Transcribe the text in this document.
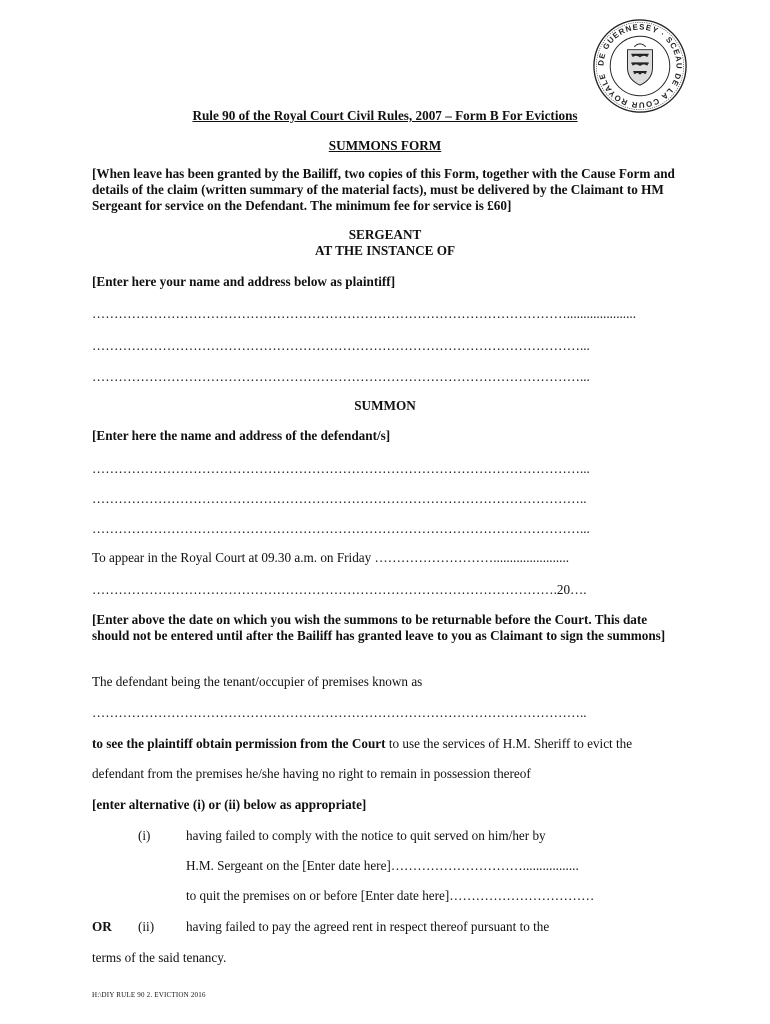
DE GUERNESEY · SCEAU DE LA COUR ROYALE
Rule 90 of the Royal Court Civil Rules, 2007 – Form B For Evictions
SUMMONS FORM
[When leave has been granted by the Bailiff, two copies of this Form, together with the Cause Form and details of the claim (written summary of the material facts), must be delivered by the Claimant to HM Sergeant for service on the Defendant. The minimum fee for service is £60]
SERGEANT
AT THE INSTANCE OF
[Enter here your name and address below as plaintiff]
……………………………………………………………………………………………….....................
…………………………………………………………………………………………………...
…………………………………………………………………………………………………...
SUMMON
[Enter here the name and address of the defendant/s]
…………………………………………………………………………………………………...
…………………………………………………………………………………………………..
…………………………………………………………………………………………………...
To appear in the Royal Court at 09.30 a.m. on Friday ……………………….......................
…………………………………………………………………………………………….20….
[Enter above the date on which you wish the summons to be returnable before the Court. This date should not be entered until after the Bailiff has granted leave to you as Claimant to sign the summons]
The defendant being the tenant/occupier of premises known as
…………………………………………………………………………………………………..
to see the plaintiff obtain permission from the Court to use the services of H.M. Sheriff to evict the
defendant from the premises he/she having no right to remain in possession thereof
[enter alternative (i) or (ii) below as appropriate]
(i)	having failed to comply with the notice to quit served on him/her by
H.M. Sergeant on the [Enter date here]………………………….................
to quit the premises on or before [Enter date here]……………………………
OR (ii) having failed to pay the agreed rent in respect thereof pursuant to the
terms of the said tenancy.
H:\DIY RULE 90 2. EVICTION 2016
